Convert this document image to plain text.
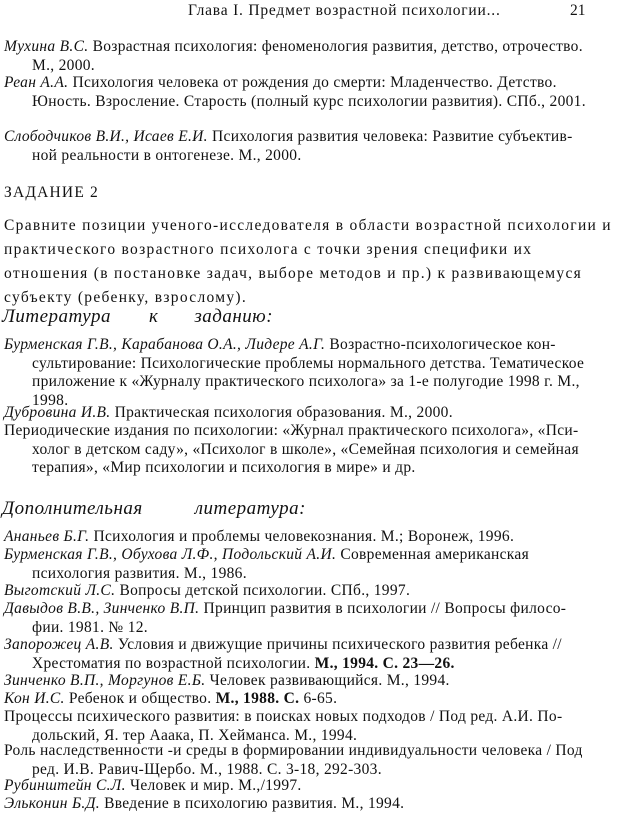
Глава I. Предмет возрастной психологии...	21
Мухина В.С. Возрастная психология: феноменология развития, детство, отрочество.
М., 2000.
Реан А.А. Психология человека от рождения до смерти: Младенчество. Детство.
Юность. Взросление. Старость (полный курс психологии развития). СПб., 2001.
Слободчиков В.И., Исаев Е.И. Психология развития человека: Развитие субъектив-
ной реальности в онтогенезе. М., 2000.
ЗАДАНИЕ 2
Сравните позиции ученого-исследователя в области возрастной психологии и практического возрастного психолога с точки зрения специфики их отношения (в постановке задач, выборе методов и пр.) к развивающемуся субъекту (ребенку, взрослому).
Литература к заданию:
Бурменская Г.В., Карабанова О.А., Лидере А.Г. Возрастно-психологическое кон-
сультирование: Психологические проблемы нормального детства. Тематическое приложение к «Журналу практического психолога» за 1-е полугодие 1998 г. М., 1998.
Дубровина И.В. Практическая психология образования. М., 2000.
Периодические издания по психологии: «Журнал практического психолога», «Пси-
холог в детском саду», «Психолог в школе», «Семейная психология и семейная терапия», «Мир психологии и психология в мире» и др.
Дополнительная	литература:
Ананьев Б.Г. Психология и проблемы человекознания. М.; Воронеж, 1996.
Бурменская Г.В., Обухова Л.Ф., Подольский А.И. Современная американская
психология развития. М., 1986.
Выготский Л.С. Вопросы детской психологии. СПб., 1997.
Давыдов В.В., Зинченко В.П. Принцип развития в психологии // Вопросы филосо-
фии. 1981. № 12.
Запорожец А.В. Условия и движущие причины психического развития ребенка //
Хрестоматия по возрастной психологии. М., 1994. С. 23—26.
Зинченко В.П., Моргунов Е.Б. Человек развивающийся. М., 1994.
Кон И.С. Ребенок и общество. М., 1988. С. 6-65.
Процессы психического развития: в поисках новых подходов / Под ред. А.И. По-
дольский, Я. тер Аaака, П. Хейманса. М., 1994.
Роль наследственности -и среды в формировании индивидуальности человека / Под
ред. И.В. Равич-Щербо. М., 1988. С. 3-18, 292-303.
Рубинштейн С.Л. Человек и мир. М.,/1997.
Эльконин Б.Д. Введение в психологию развития. М., 1994.
